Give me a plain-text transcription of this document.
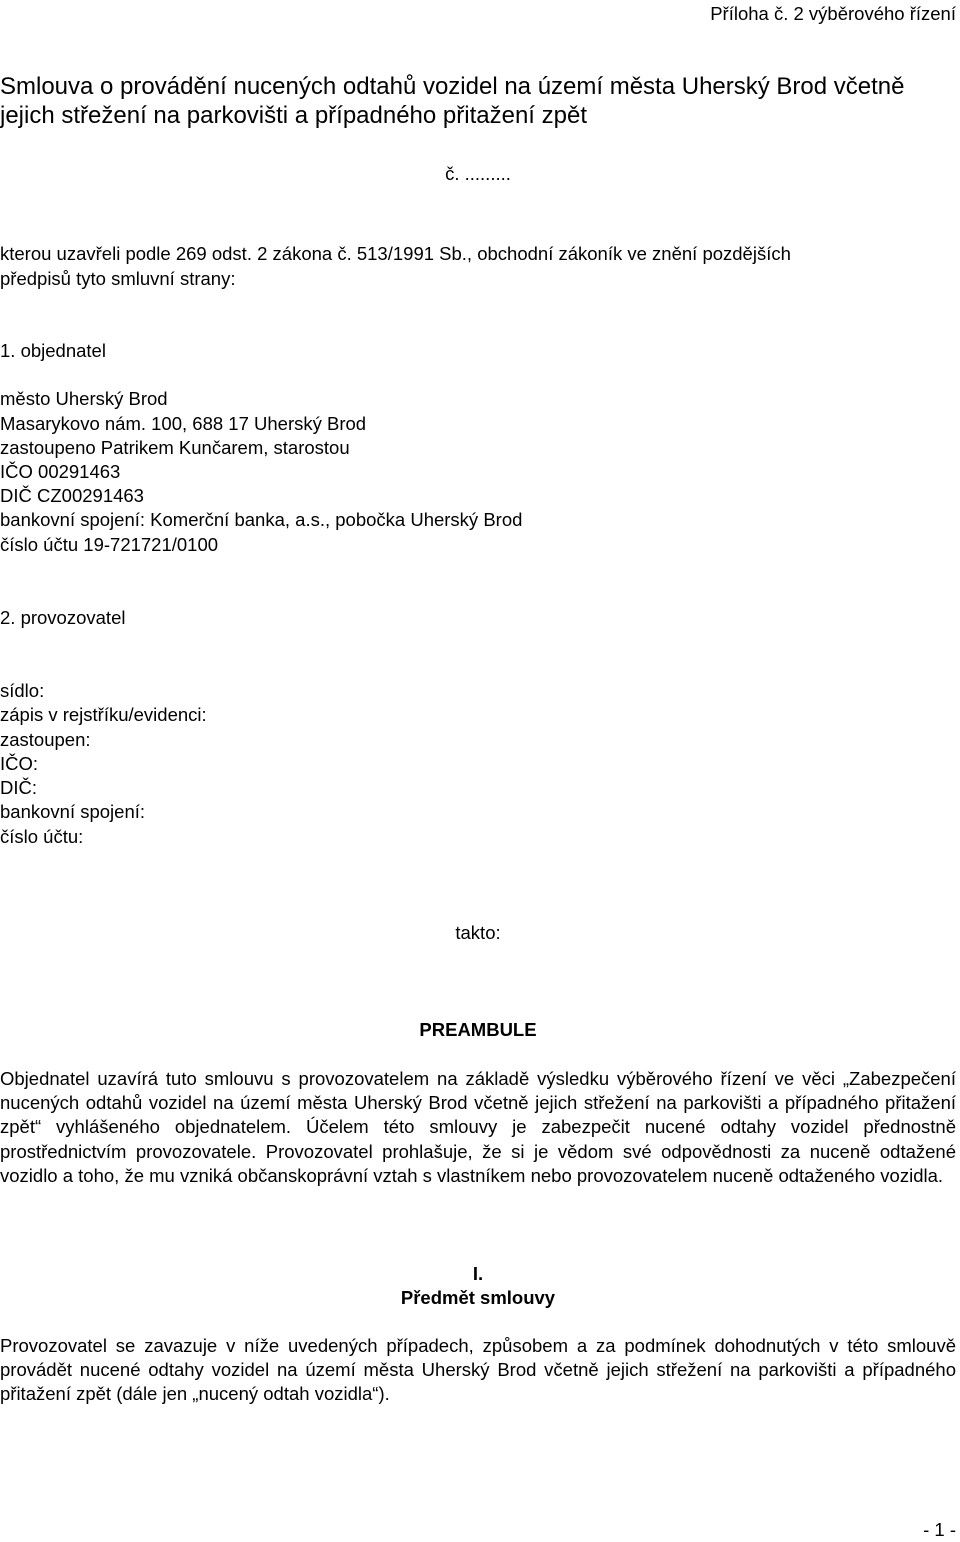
Příloha č. 2 výběrového řízení
Smlouva o provádění nucených odtahů vozidel na území města Uherský Brod včetně
jejich střežení na parkovišti a případného přitažení zpět
č. .........
kterou uzavřeli podle 269 odst. 2 zákona č. 513/1991 Sb., obchodní zákoník ve znění pozdějších
předpisů tyto smluvní strany:
1. objednatel
město Uherský Brod
Masarykovo nám. 100, 688 17 Uherský Brod
zastoupeno Patrikem Kunčarem, starostou
IČO 00291463
DIČ CZ00291463
bankovní spojení: Komerční banka, a.s., pobočka Uherský Brod
číslo účtu 19-721721/0100
2. provozovatel
sídlo:
zápis v rejstříku/evidenci:
zastoupen:
IČO:
DIČ:
bankovní spojení:
číslo účtu:
takto:
PREAMBULE
Objednatel uzavírá tuto smlouvu s provozovatelem na základě výsledku výběrového řízení ve věci „Zabezpečení nucených odtahů vozidel na území města Uherský Brod včetně jejich střežení na parkovišti a případného přitažení zpět“ vyhlášeného objednatelem. Účelem této smlouvy je zabezpečit nucené odtahy vozidel přednostně prostřednictvím provozovatele. Provozovatel prohlašuje, že si je vědom své odpovědnosti za nuceně odtažené vozidlo a toho, že mu vzniká občanskoprávní vztah s vlastníkem nebo provozovatelem nuceně odtaženého vozidla.
I.
Předmět smlouvy
Provozovatel se zavazuje v níže uvedených případech, způsobem a za podmínek dohodnutých v této smlouvě provádět nucené odtahy vozidel na území města Uherský Brod včetně jejich střežení na parkovišti a případného přitažení zpět (dále jen „nucený odtah vozidla“).
- 1 -
